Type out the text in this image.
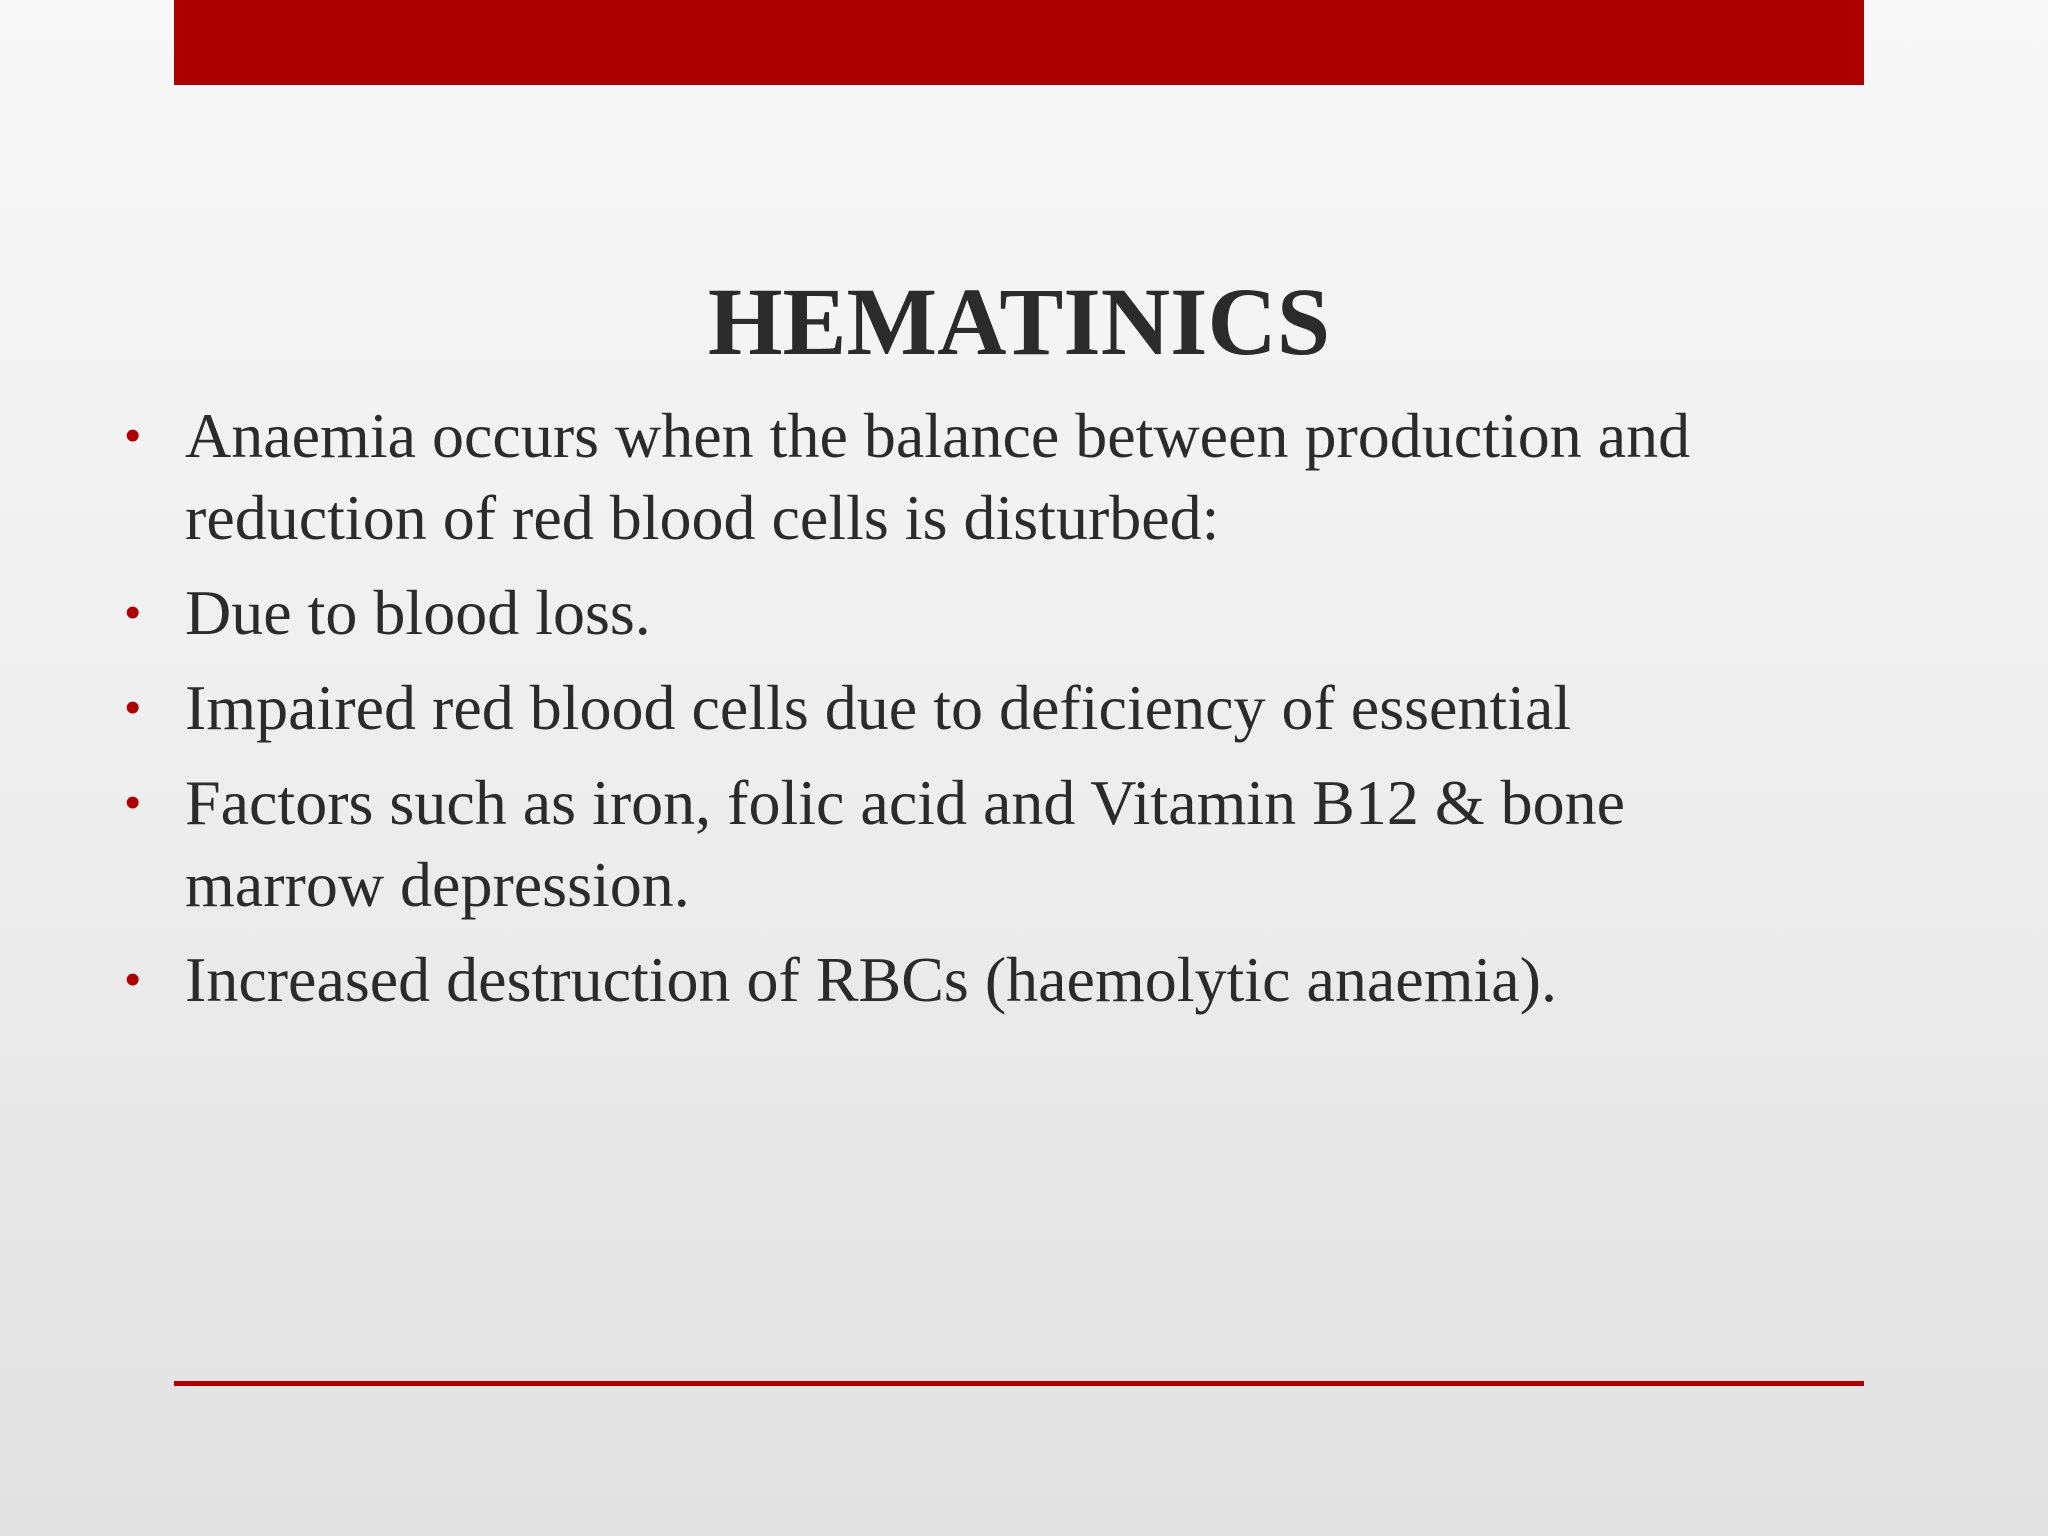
HEMATINICS
• Anaemia occurs when the balance between production and reduction of red blood cells is disturbed:
• Due to blood loss.
• Impaired red blood cells due to deficiency of essential
• Factors such as iron, folic acid and Vitamin B12 & bone marrow depression.
• Increased destruction of RBCs (haemolytic anaemia).
